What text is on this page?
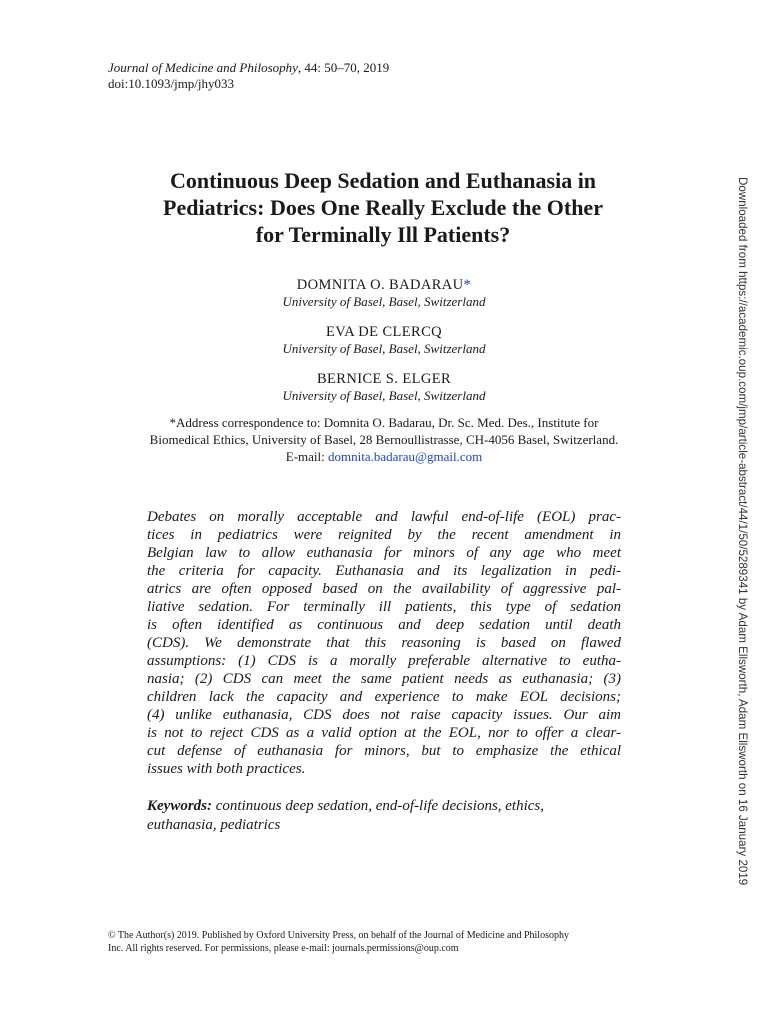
Journal of Medicine and Philosophy, 44: 50–70, 2019
doi:10.1093/jmp/jhy033
Continuous Deep Sedation and Euthanasia in
Pediatrics: Does One Really Exclude the Other
for Terminally Ill Patients?
DOMNITA O. BADARAU*
University of Basel, Basel, Switzerland
EVA DE CLERCQ
University of Basel, Basel, Switzerland
BERNICE S. ELGER
University of Basel, Basel, Switzerland
*Address correspondence to: Domnita O. Badarau, Dr. Sc. Med. Des., Institute for
Biomedical Ethics, University of Basel, 28 Bernoullistrasse, CH-4056 Basel, Switzerland.
E-mail: domnita.badarau@gmail.com
Debates on morally acceptable and lawful end-of-life (EOL) prac-
tices in pediatrics were reignited by the recent amendment in
Belgian law to allow euthanasia for minors of any age who meet
the criteria for capacity. Euthanasia and its legalization in pedi-
atrics are often opposed based on the availability of aggressive pal-
liative sedation. For terminally ill patients, this type of sedation
is often identified as continuous and deep sedation until death
(CDS). We demonstrate that this reasoning is based on flawed
assumptions: (1) CDS is a morally preferable alternative to eutha-
nasia; (2) CDS can meet the same patient needs as euthanasia; (3)
children lack the capacity and experience to make EOL decisions;
(4) unlike euthanasia, CDS does not raise capacity issues. Our aim
is not to reject CDS as a valid option at the EOL, nor to offer a clear-
cut defense of euthanasia for minors, but to emphasize the ethical
issues with both practices.
Keywords: continuous deep sedation, end-of-life decisions, ethics,
euthanasia, pediatrics
© The Author(s) 2019. Published by Oxford University Press, on behalf of the Journal of Medicine and Philosophy
Inc. All rights reserved. For permissions, please e-mail: journals.permissions@oup.com
Downloaded from https://academic.oup.com/jmp/article-abstract/44/1/50/5289341 by Adam Ellsworth, Adam Ellsworth on 16 January 2019
